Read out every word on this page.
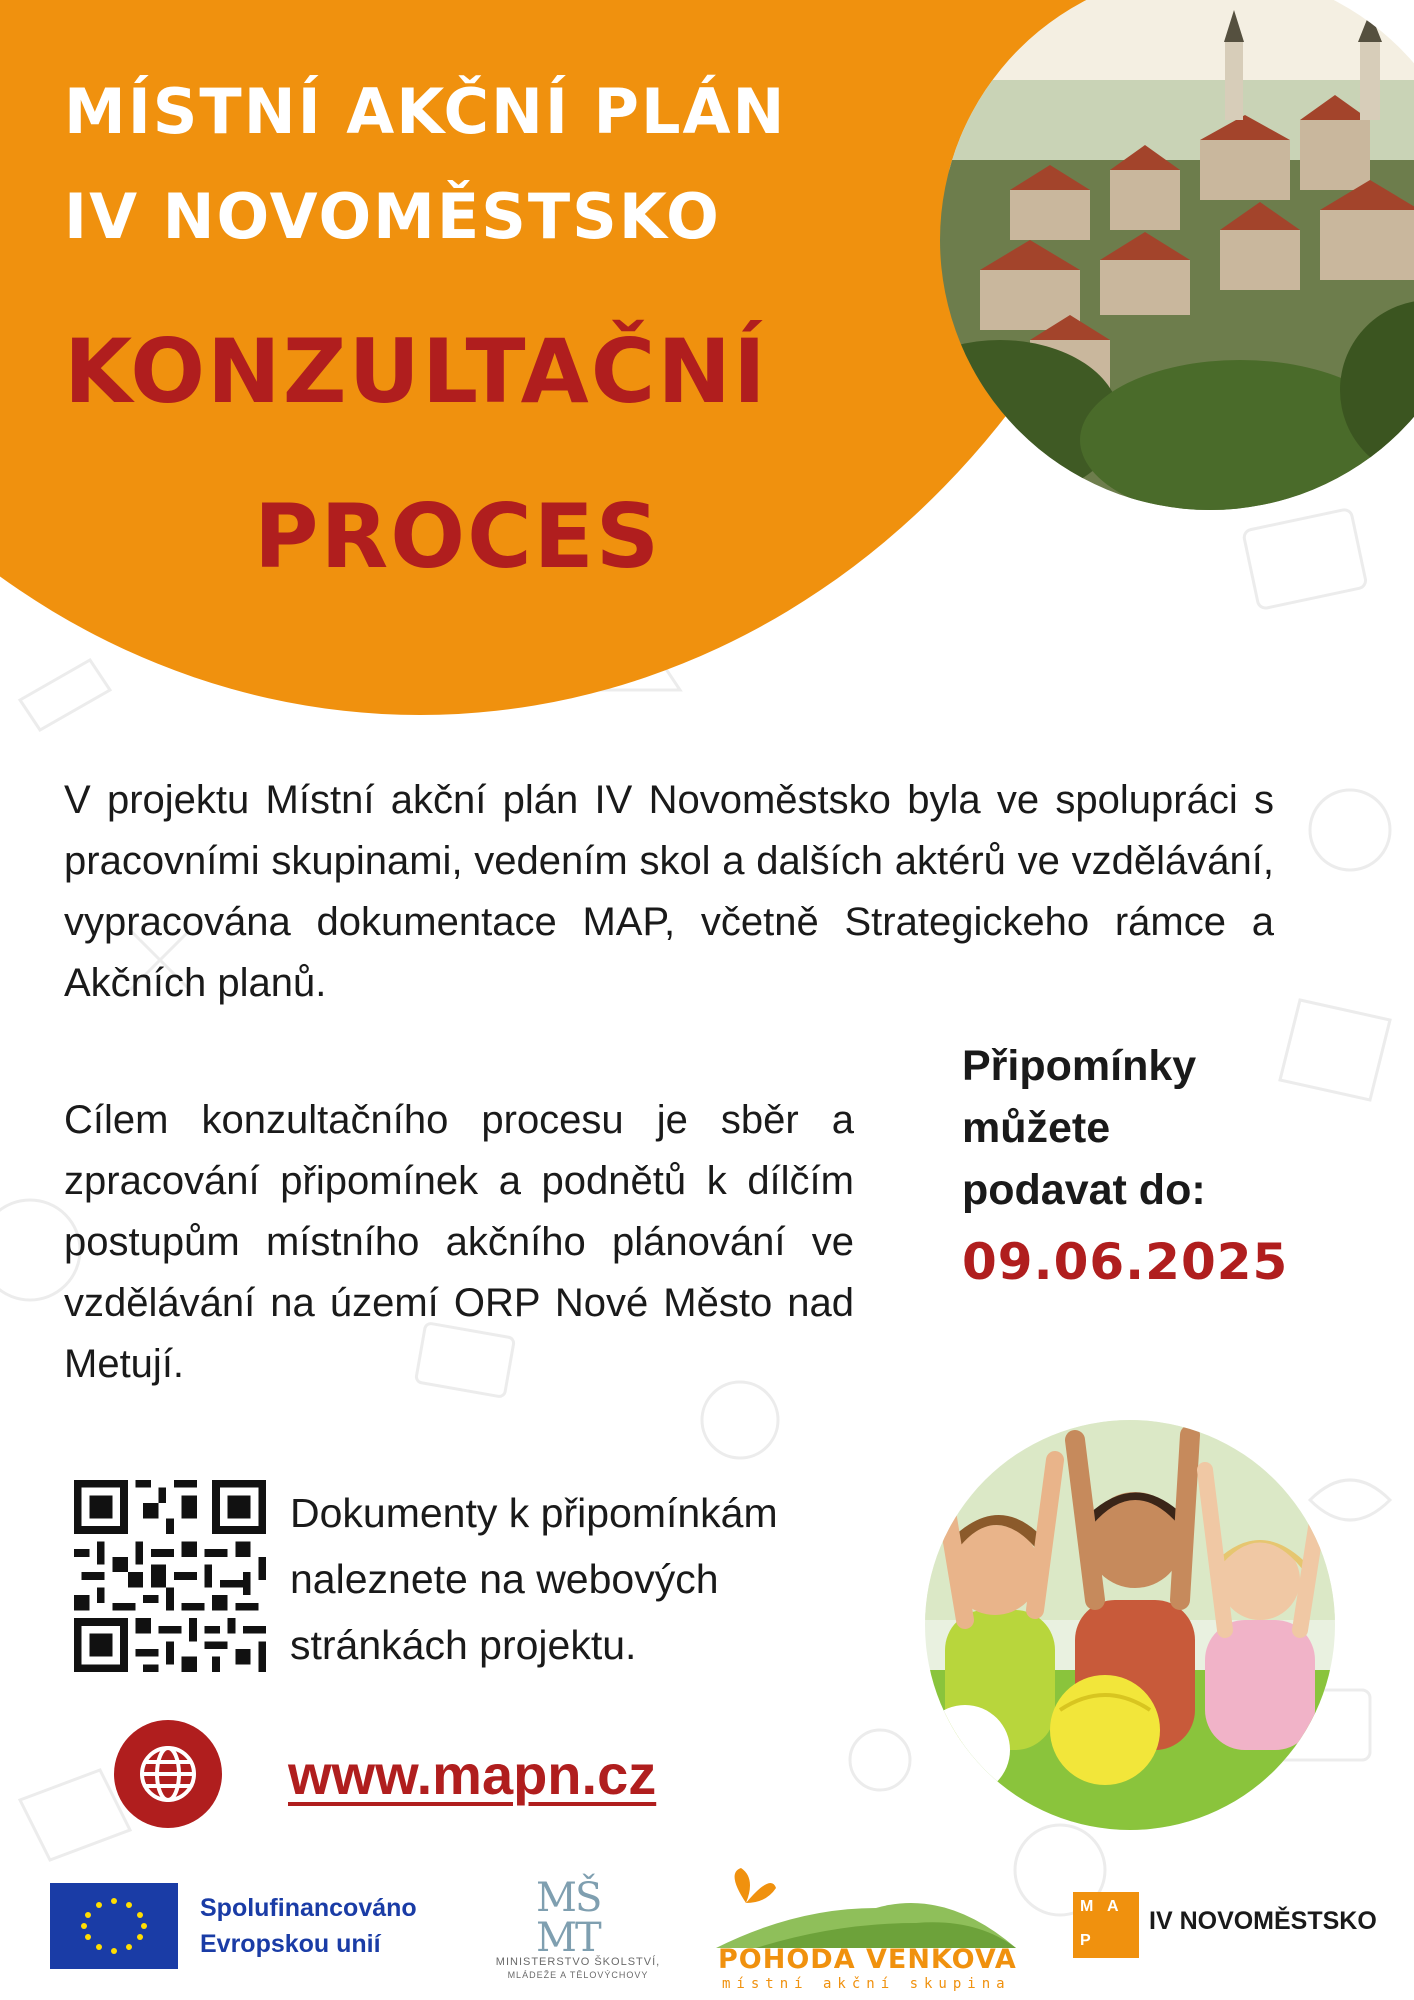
MÍSTNÍ AKČNÍ PLÁN
IV NOVOMĚSTSKO
KONZULTAČNÍ
PROCES
V projektu Místní akční plán IV Novoměstsko byla ve spolupráci s pracovními skupinami, vedením skol a dalších aktérů ve vzdělávání, vypracována dokumentace MAP, včetně Strategickeho rámce a Akčních planů.
Cílem konzultačního procesu je sběr a zpracování připomínek a podnětů k dílčím postupům místního akčního plánování ve vzdělávání na území ORP Nové Město nad Metují.
Připomínky
můžete
podavat do:
09.06.2025
Dokumenty k připomínkám
naleznete na webových
stránkách projektu.
www.mapn.cz
Spolufinancováno
Evropskou unií
MŠ MT
MINISTERSTVO ŠKOLSTVÍ,
MLÁDEŽE A TĚLOVÝCHOVY	POHODA VENKOVA
místní akční skupina
M A
P
IV NOVOMĚSTSKO
